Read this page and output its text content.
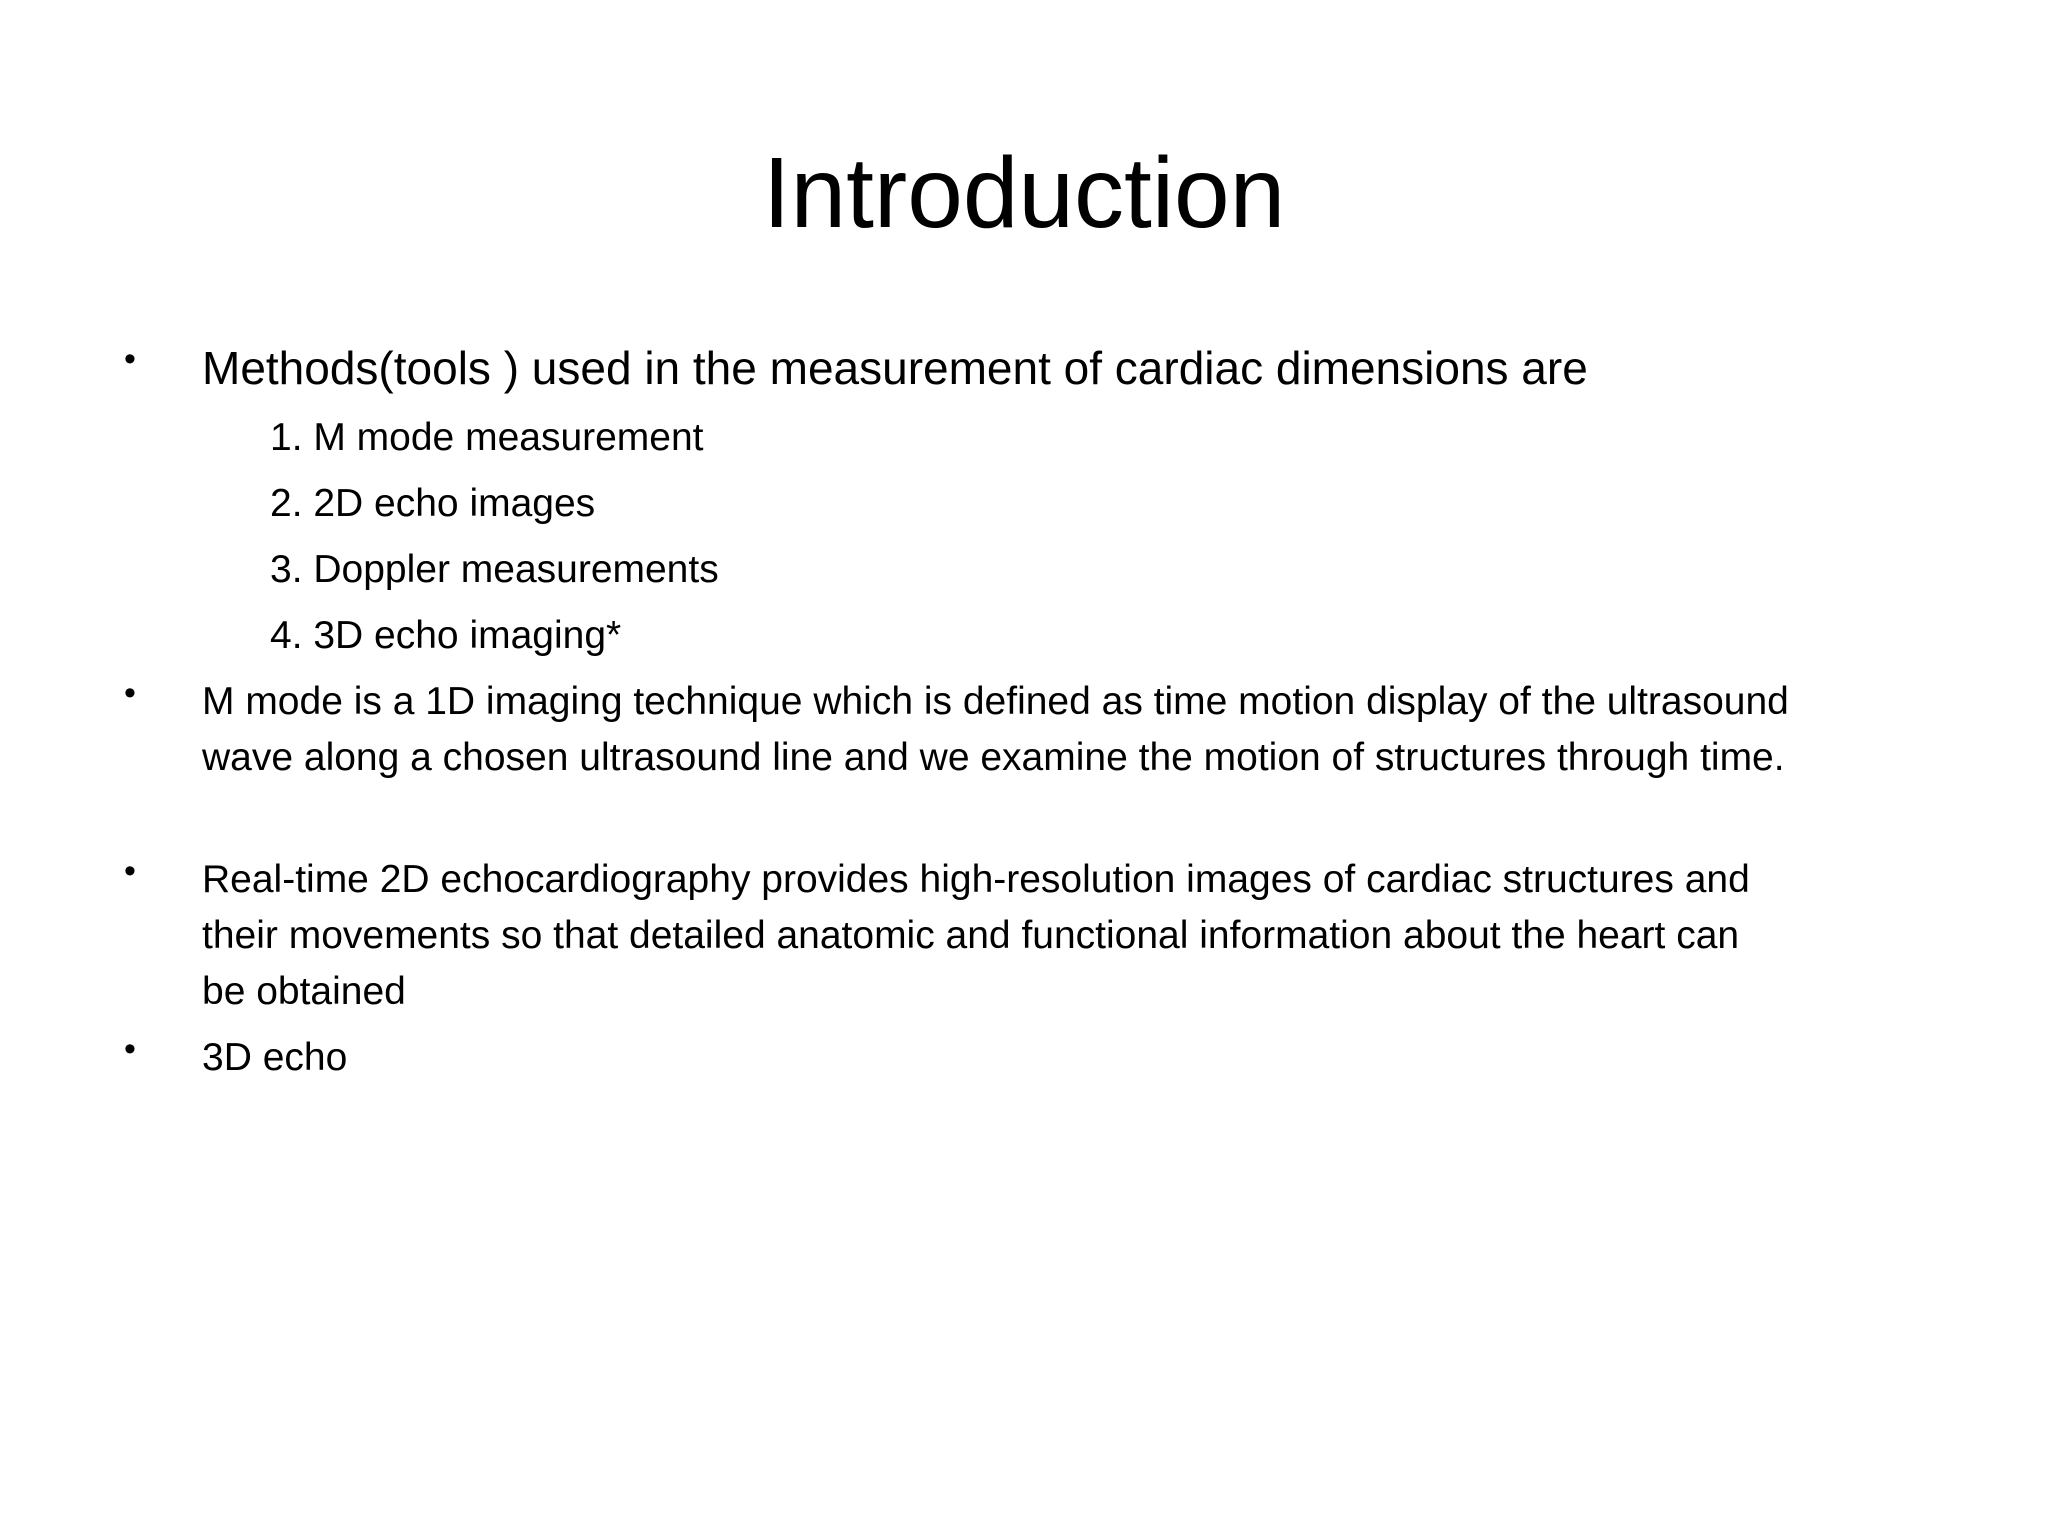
Introduction
• Methods(tools ) used in the measurement of cardiac dimensions are
1. M mode measurement
2. 2D echo images
3. Doppler measurements
4. 3D echo imaging*
• M mode is a 1D imaging technique which is defined as time motion display of the ultrasound
wave along a chosen ultrasound line and we examine the motion of structures through time.
• Real-time 2D echocardiography provides high-resolution images of cardiac structures and
their movements so that detailed anatomic and functional information about the heart can
be obtained
• 3D echo
